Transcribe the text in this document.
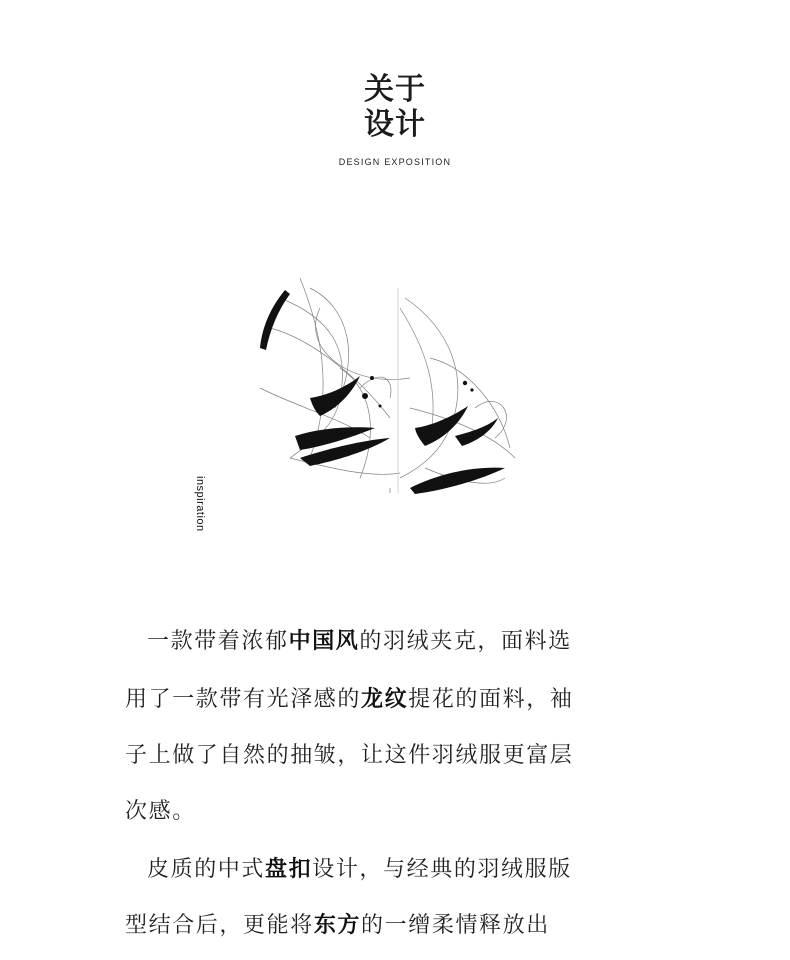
关于
设计
DESIGN EXPOSITION
inspiration
一款带着浓郁中国风的羽绒夹克，面料选
用了一款带有光泽感的龙纹提花的面料，袖
子上做了自然的抽皱，让这件羽绒服更富层
次感。
皮质的中式盘扣设计，与经典的羽绒服版
型结合后，更能将东方的一缯柔情释放出
